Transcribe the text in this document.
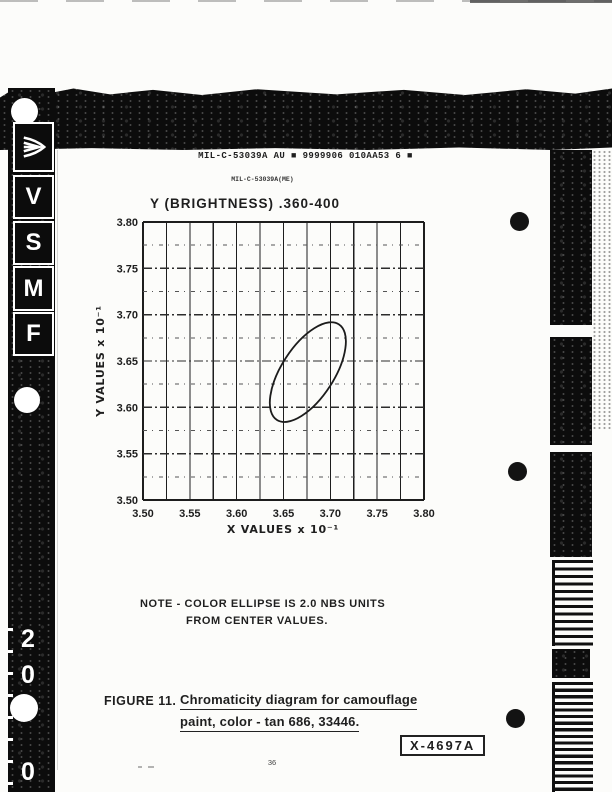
V
S
M
F
2
0
0
MIL-C-53039A AU ■ 9999906 010AA53 6 ■
MIL-C-53039A(ME)
Y (BRIGHTNESS) .360-400
3.50 3.55 3.60 3.65 3.70 3.75 3.80
3.50
3.55
3.60
3.65
3.70
3.75
3.80
X VALUES x 10⁻¹
Y VALUES x 10⁻¹
NOTE - COLOR ELLIPSE IS 2.0 NBS UNITS
FROM CENTER VALUES.
FIGURE 11. Chromaticity diagram for camouflage
paint, color - tan 686, 33446.
X-4697A
36
